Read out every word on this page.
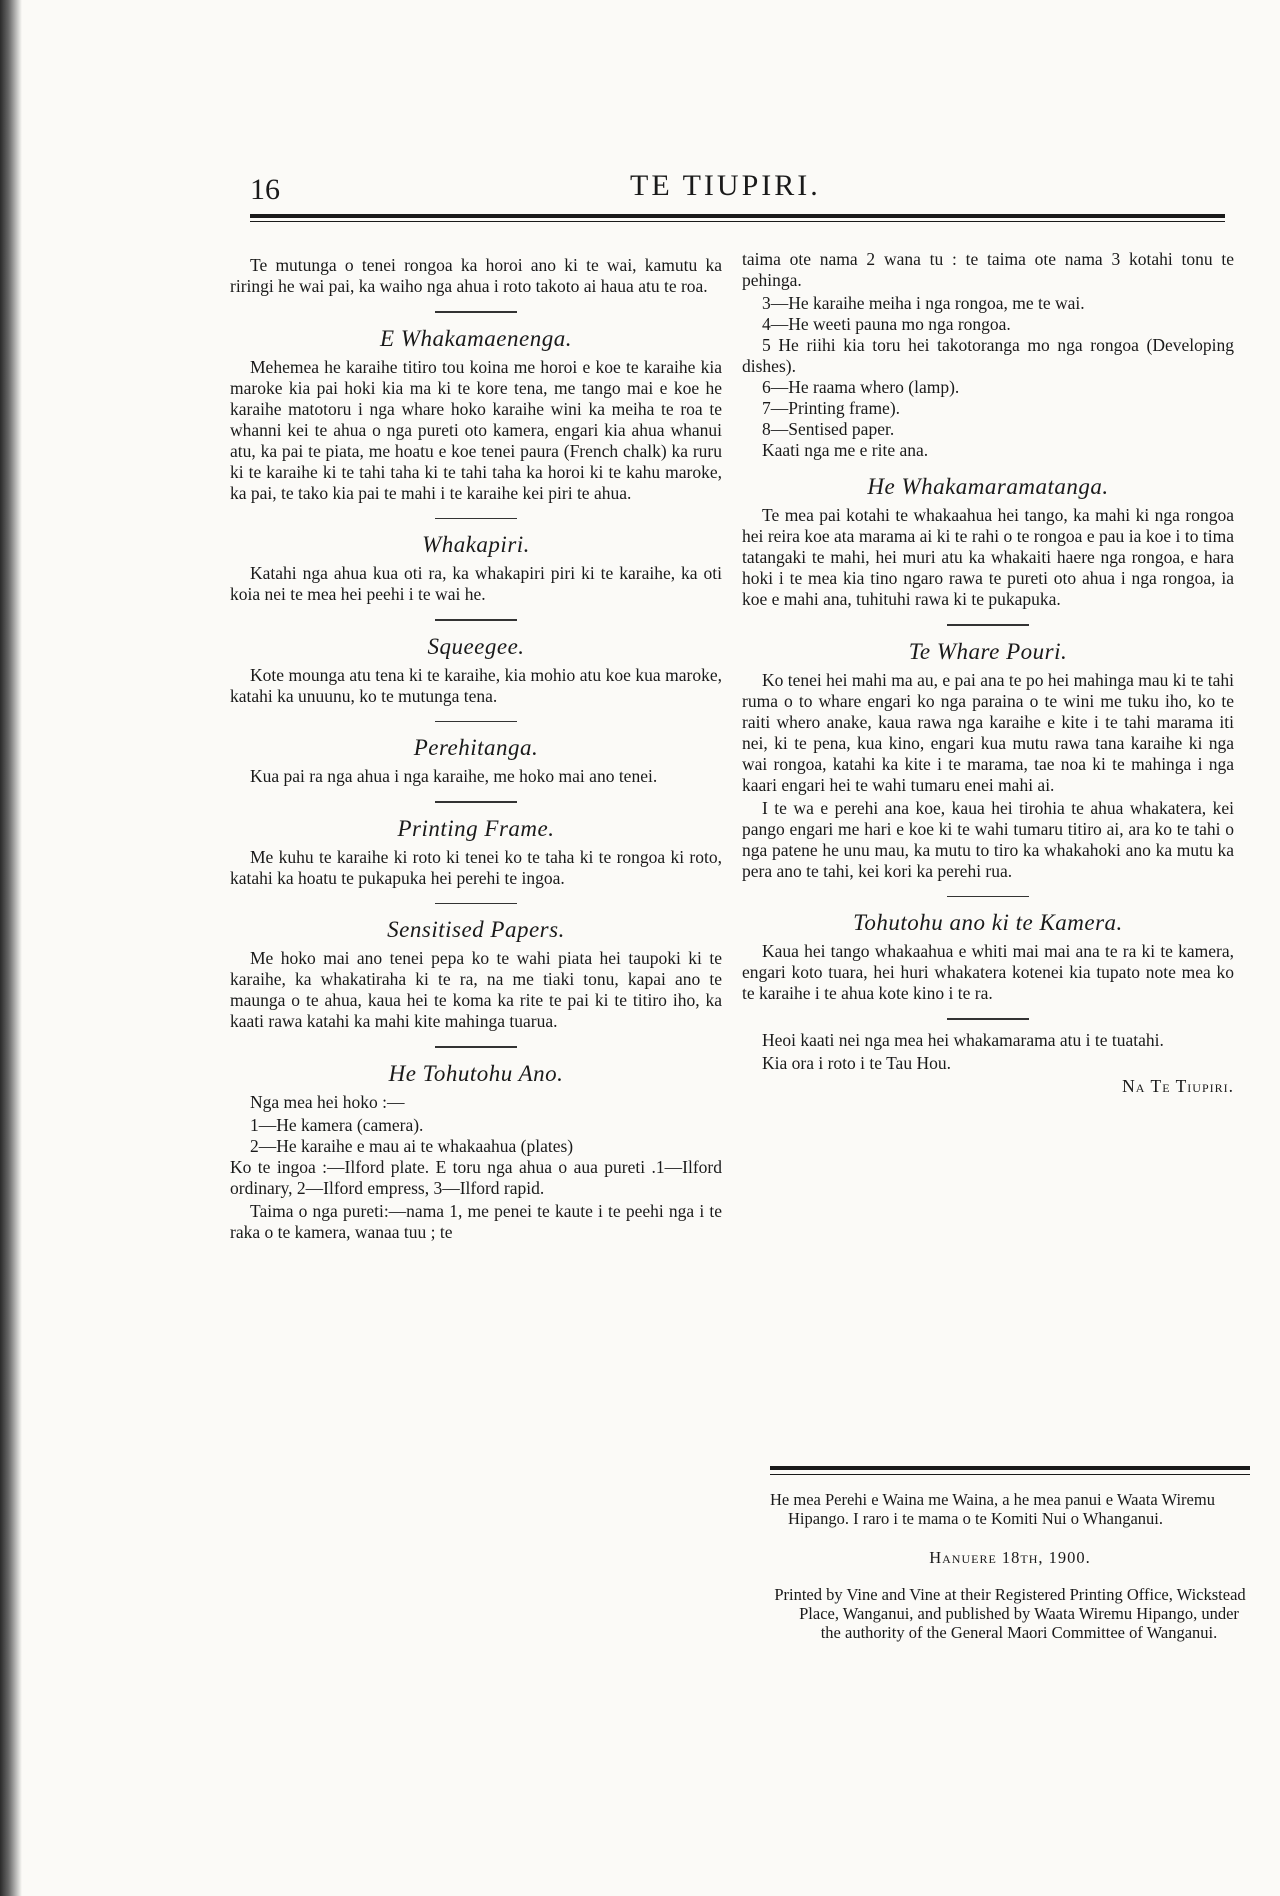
16	TE TIUPIRI.

Te mutunga o tenei rongoa ka horoi ano ki te wai, kamutu ka riringi he wai pai, ka waiho nga ahua i roto takoto ai haua atu te roa.

E Whakamaenenga.

Mehemea he karaihe titiro tou koina me horoi e koe te karaihe kia maroke kia pai hoki kia ma ki te kore tena, me tango mai e koe he karaihe matotoru i nga whare hoko karaihe wini ka meiha te roa te whanni kei te ahua o nga pureti oto kamera, engari kia ahua whanui atu, ka pai te piata, me hoatu e koe tenei paura (French chalk) ka ruru ki te karaihe ki te tahi taha ki te tahi taha ka horoi ki te kahu maroke, ka pai, te tako kia pai te mahi i te karaihe kei piri te ahua.

Whakapiri.

Katahi nga ahua kua oti ra, ka whakapiri piri ki te karaihe, ka oti koia nei te mea hei peehi i te wai he.

Squeegee.

Kote mounga atu tena ki te karaihe, kia mohio atu koe kua maroke, katahi ka unuunu, ko te mutunga tena.

Perehitanga.

Kua pai ra nga ahua i nga karaihe, me hoko mai ano tenei.

Printing Frame.

Me kuhu te karaihe ki roto ki tenei ko te taha ki te rongoa ki roto, katahi ka hoatu te pukapuka hei perehi te ingoa.

Sensitised Papers.

Me hoko mai ano tenei pepa ko te wahi piata hei taupoki ki te karaihe, ka whakatiraha ki te ra, na me tiaki tonu, kapai ano te maunga o te ahua, kaua hei te koma ka rite te pai ki te titiro iho, ka kaati rawa katahi ka mahi kite mahinga tuarua.

He Tohutohu Ano.

Nga mea hei hoko :—

1—He kamera (camera).

2—He karaihe e mau ai te whakaahua (plates)

Ko te ingoa :—Ilford plate. E toru nga ahua o aua pureti .1—Ilford ordinary, 2—Ilford empress, 3—Ilford rapid.

Taima o nga pureti:—nama 1, me penei te kaute i te peehi nga i te raka o te kamera, wanaa tuu ; te

taima ote nama 2 wana tu : te taima ote nama 3 kotahi tonu te pehinga.

3—He karaihe meiha i nga rongoa, me te wai.

4—He weeti pauna mo nga rongoa.

5 He riihi kia toru hei takotoranga mo nga rongoa (Developing dishes).

6—He raama whero (lamp).

7—Printing frame).

8—Sentised paper.

Kaati nga me e rite ana.

He Whakamaramatanga.

Te mea pai kotahi te whakaahua hei tango, ka mahi ki nga rongoa hei reira koe ata marama ai ki te rahi o te rongoa e pau ia koe i to tima tatangaki te mahi, hei muri atu ka whakaiti haere nga rongoa, e hara hoki i te mea kia tino ngaro rawa te pureti oto ahua i nga rongoa, ia koe e mahi ana, tuhituhi rawa ki te pukapuka.

Te Whare Pouri.

Ko tenei hei mahi ma au, e pai ana te po hei mahinga mau ki te tahi ruma o to whare engari ko nga paraina o te wini me tuku iho, ko te raiti whero anake, kaua rawa nga karaihe e kite i te tahi marama iti nei, ki te pena, kua kino, engari kua mutu rawa tana karaihe ki nga wai rongoa, katahi ka kite i te marama, tae noa ki te mahinga i nga kaari engari hei te wahi tumaru enei mahi ai.

I te wa e perehi ana koe, kaua hei tirohia te ahua whakatera, kei pango engari me hari e koe ki te wahi tumaru titiro ai, ara ko te tahi o nga patene he unu mau, ka mutu to tiro ka whakahoki ano ka mutu ka pera ano te tahi, kei kori ka perehi rua.

Tohutohu ano ki te Kamera.

Kaua hei tango whakaahua e whiti mai mai ana te ra ki te kamera, engari koto tuara, hei huri whakatera kotenei kia tupato note mea ko te karaihe i te ahua kote kino i te ra.

Heoi kaati nei nga mea hei whakamarama atu i te tuatahi.

Kia ora i roto i te Tau Hou.

Na Te Tiupiri.

He mea Perehi e Waina me Waina, a he mea panui e Waata Wiremu Hipango. I raro i te mama o te Komiti Nui o Whanganui.

Hanuere 18th, 1900.

Printed by Vine and Vine at their Registered Printing Office, Wickstead Place, Wanganui, and published by Waata Wiremu Hipango, under the authority of the General Maori Committee of Wanganui.
